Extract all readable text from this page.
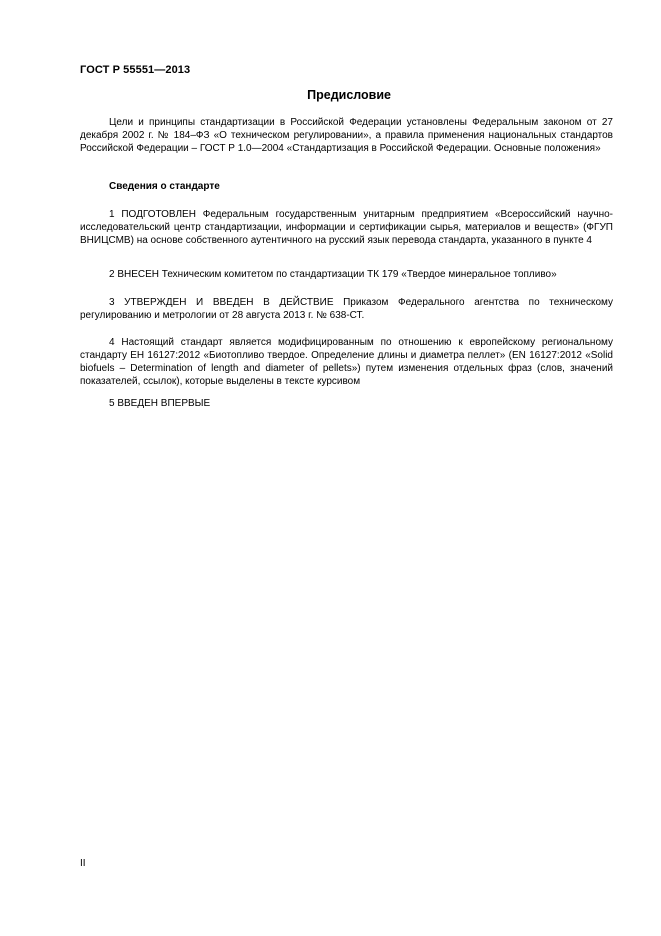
ГОСТ Р 55551—2013
Предисловие

Цели и принципы стандартизации в Российской Федерации установлены Федеральным законом от 27 декабря 2002 г. № 184–ФЗ «О техническом регулировании», а правила применения национальных стандартов Российской Федерации – ГОСТ Р 1.0—2004 «Стандартизация в Российской Федерации. Основные положения»

Сведения о стандарте

1 ПОДГОТОВЛЕН Федеральным государственным унитарным предприятием «Всероссийский научно-исследовательский центр стандартизации, информации и сертификации сырья, материалов и веществ» (ФГУП ВНИЦСМВ) на основе собственного аутентичного на русский язык перевода стандарта, указанного в пункте 4

2 ВНЕСЕН Техническим комитетом по стандартизации ТК 179 «Твердое минеральное топливо»

3 УТВЕРЖДЕН И ВВЕДЕН В ДЕЙСТВИЕ Приказом Федерального агентства по техническому регулированию и метрологии от 28 августа 2013 г. № 638-СТ.

4 Настоящий стандарт является модифицированным по отношению к европейскому региональному стандарту ЕН 16127:2012 «Биотопливо твердое. Определение длины и диаметра пеллет» (EN 16127:2012 «Solid biofuels – Determination of length and diameter of pellets») путем изменения отдельных фраз (слов, значений показателей, ссылок), которые выделены в тексте курсивом

5 ВВЕДЕН ВПЕРВЫЕ

II
